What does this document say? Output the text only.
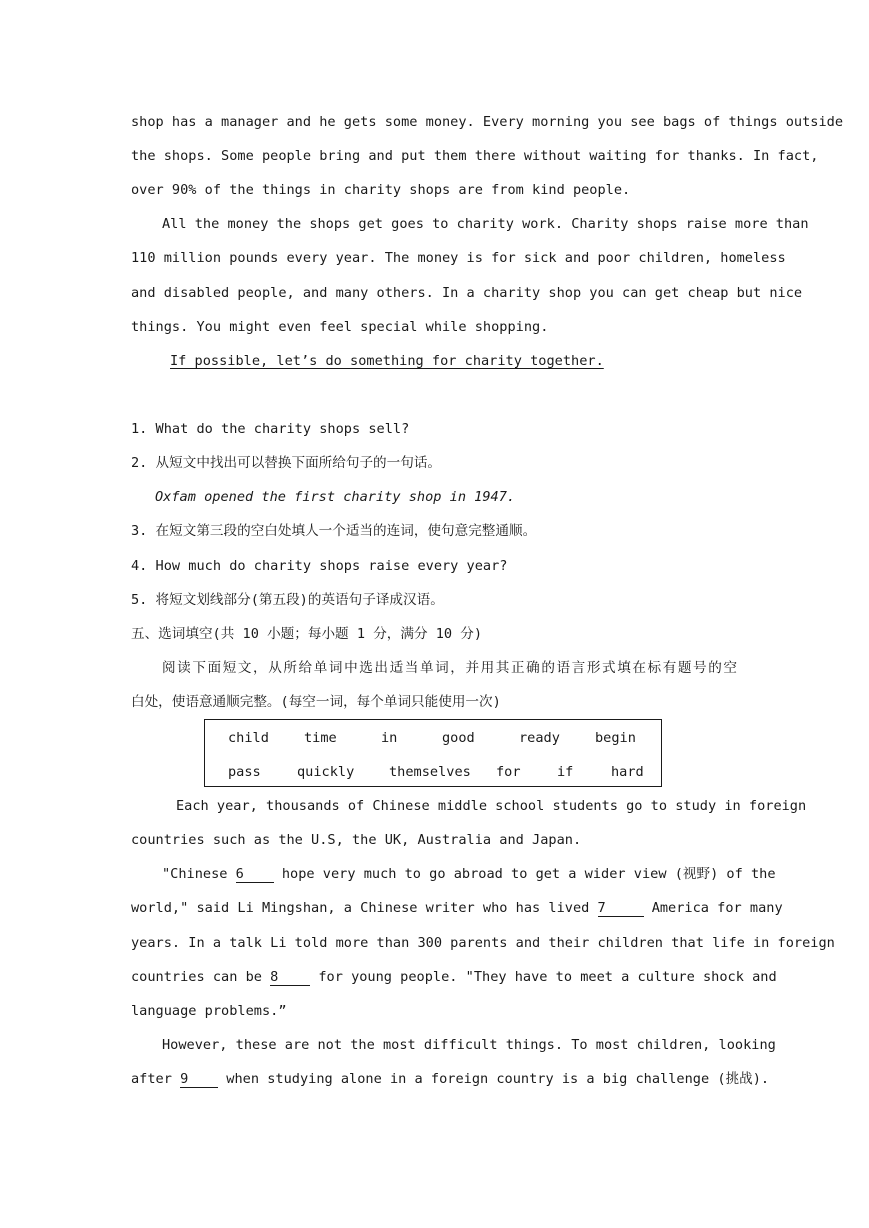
shop has a manager and he gets some money. Every morning you see bags of things outside
the shops. Some people bring and put them there without waiting for thanks. In fact,
over 90% of the things in charity shops are from kind people.
All the money the shops get goes to charity work. Charity shops raise more than
110 million pounds every year. The money is for sick and poor children, homeless
and disabled people, and many others. In a charity shop you can get cheap but nice
things. You might even feel special while shopping.
If possible, let’s do something for charity together.
1. What do the charity shops sell?
2. 从短文中找出可以替换下面所给句子的一句话。
Oxfam opened the first charity shop in 1947.
3. 在短文第三段的空白处填人一个适当的连词，使句意完整通顺。
4. How much do charity shops raise every year?
5. 将短文划线部分(第五段)的英语句子译成汉语。
五、选词填空(共 10 小题；每小题 1 分，满分 10 分)
阅读下面短文，从所给单词中选出适当单词，并用其正确的语言形式填在标有题号的空
白处，使语意通顺完整。(每空一词，每个单词只能使用一次)
child	time	in	good	ready	begin
pass	quickly	themselves for	if	hard
Each year, thousands of Chinese middle school students go to study in foreign
countries such as the U.S, the UK, Australia and Japan.
"Chinese 6	hope very much to go abroad to get a wider view (视野) of the
world," said Li Mingshan, a Chinese writer who has lived 7	America for many
years. In a talk Li told more than 300 parents and their children that life in foreign
countries can be 8	for young people. "They have to meet a culture shock and
language problems.”
However, these are not the most difficult things. To most children, looking
after 9	when studying alone in a foreign country is a big challenge (挑战).
